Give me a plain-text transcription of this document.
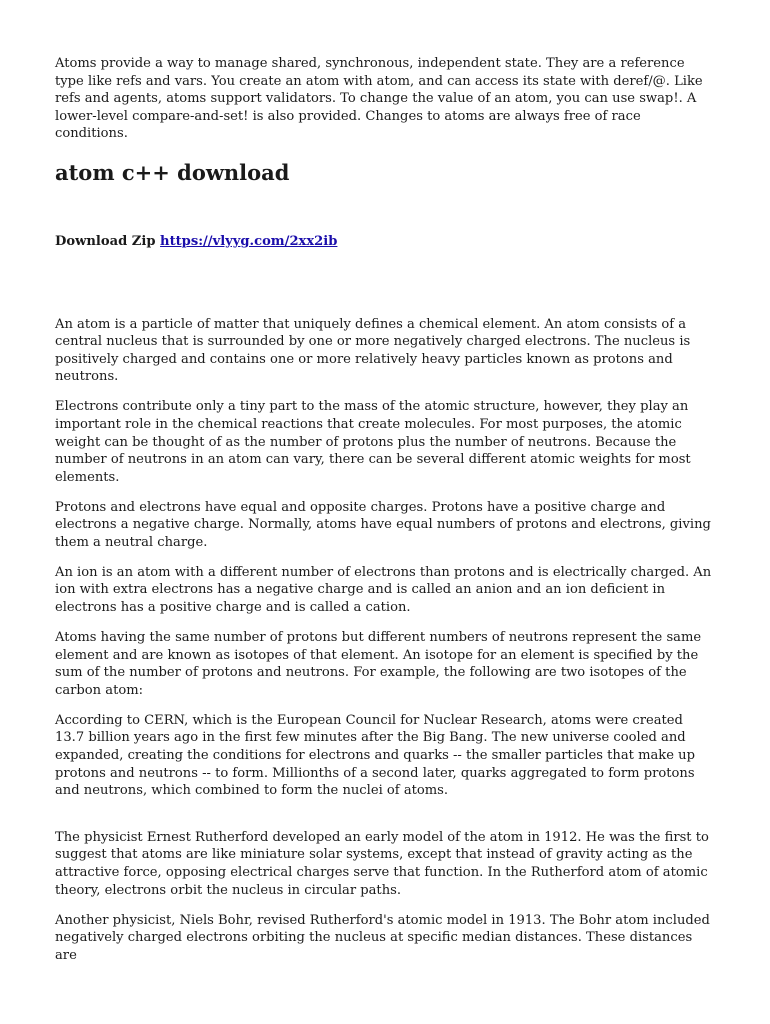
Atoms provide a way to manage shared, synchronous, independent state. They are a reference type like refs and vars. You create an atom with atom, and can access its state with deref/@. Like refs and agents, atoms support validators. To change the value of an atom, you can use swap!. A lower-level compare-and-set! is also provided. Changes to atoms are always free of race conditions.

atom c++ download
Download Zip https://vlyyg.com/2xx2ib

An atom is a particle of matter that uniquely defines a chemical element. An atom consists of a central nucleus that is surrounded by one or more negatively charged electrons. The nucleus is positively charged and contains one or more relatively heavy particles known as protons and neutrons.

Electrons contribute only a tiny part to the mass of the atomic structure, however, they play an important role in the chemical reactions that create molecules. For most purposes, the atomic weight can be thought of as the number of protons plus the number of neutrons. Because the number of neutrons in an atom can vary, there can be several different atomic weights for most elements.

Protons and electrons have equal and opposite charges. Protons have a positive charge and electrons a negative charge. Normally, atoms have equal numbers of protons and electrons, giving them a neutral charge.

An ion is an atom with a different number of electrons than protons and is electrically charged. An ion with extra electrons has a negative charge and is called an anion and an ion deficient in electrons has a positive charge and is called a cation.

Atoms having the same number of protons but different numbers of neutrons represent the same element and are known as isotopes of that element. An isotope for an element is specified by the sum of the number of protons and neutrons. For example, the following are two isotopes of the carbon atom:

According to CERN, which is the European Council for Nuclear Research, atoms were created 13.7 billion years ago in the first few minutes after the Big Bang. The new universe cooled and expanded, creating the conditions for electrons and quarks -- the smaller particles that make up protons and neutrons -- to form. Millionths of a second later, quarks aggregated to form protons and neutrons, which combined to form the nuclei of atoms.

The physicist Ernest Rutherford developed an early model of the atom in 1912. He was the first to suggest that atoms are like miniature solar systems, except that instead of gravity acting as the attractive force, opposing electrical charges serve that function. In the Rutherford atom of atomic theory, electrons orbit the nucleus in circular paths.

Another physicist, Niels Bohr, revised Rutherford's atomic model in 1913. The Bohr atom included negatively charged electrons orbiting the nucleus at specific median distances. These distances are
